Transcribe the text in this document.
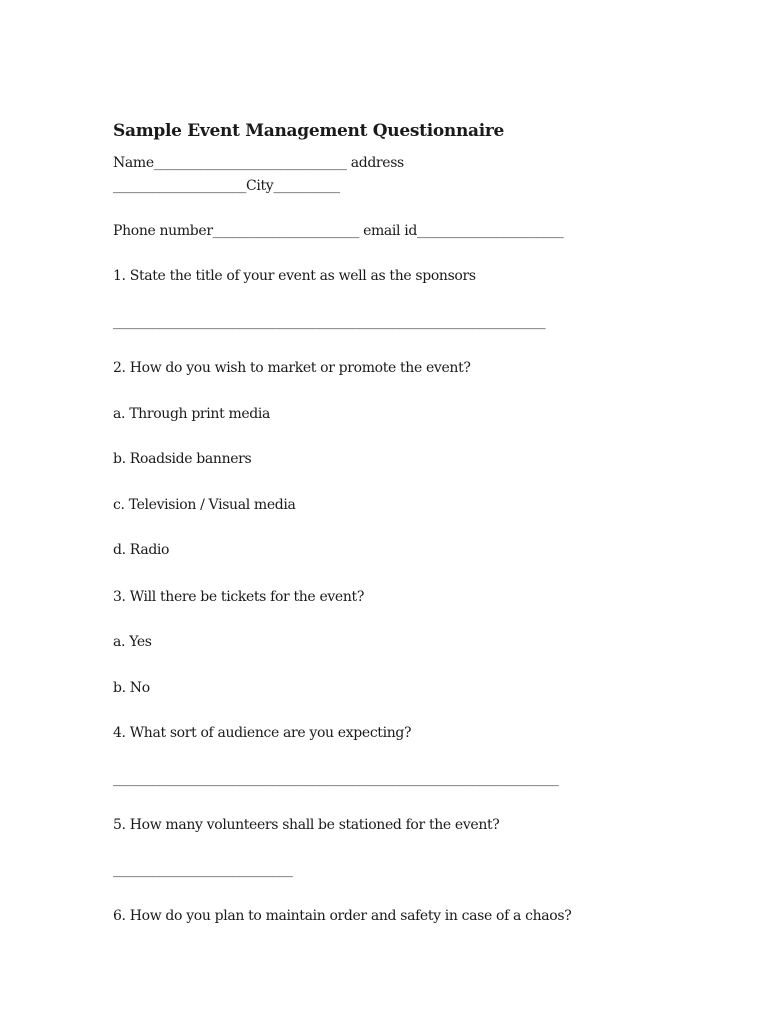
Sample Event Management Questionnaire
Name_____________________________ address
____________________City__________
Phone number______________________ email id______________________
1. State the title of your event as well as the sponsors
_________________________________________________________________
2. How do you wish to market or promote the event?
a. Through print media
b. Roadside banners
c. Television / Visual media
d. Radio
3. Will there be tickets for the event?
a. Yes
b. No
4. What sort of audience are you expecting?
___________________________________________________________________
5. How many volunteers shall be stationed for the event?
___________________________
6. How do you plan to maintain order and safety in case of a chaos?
